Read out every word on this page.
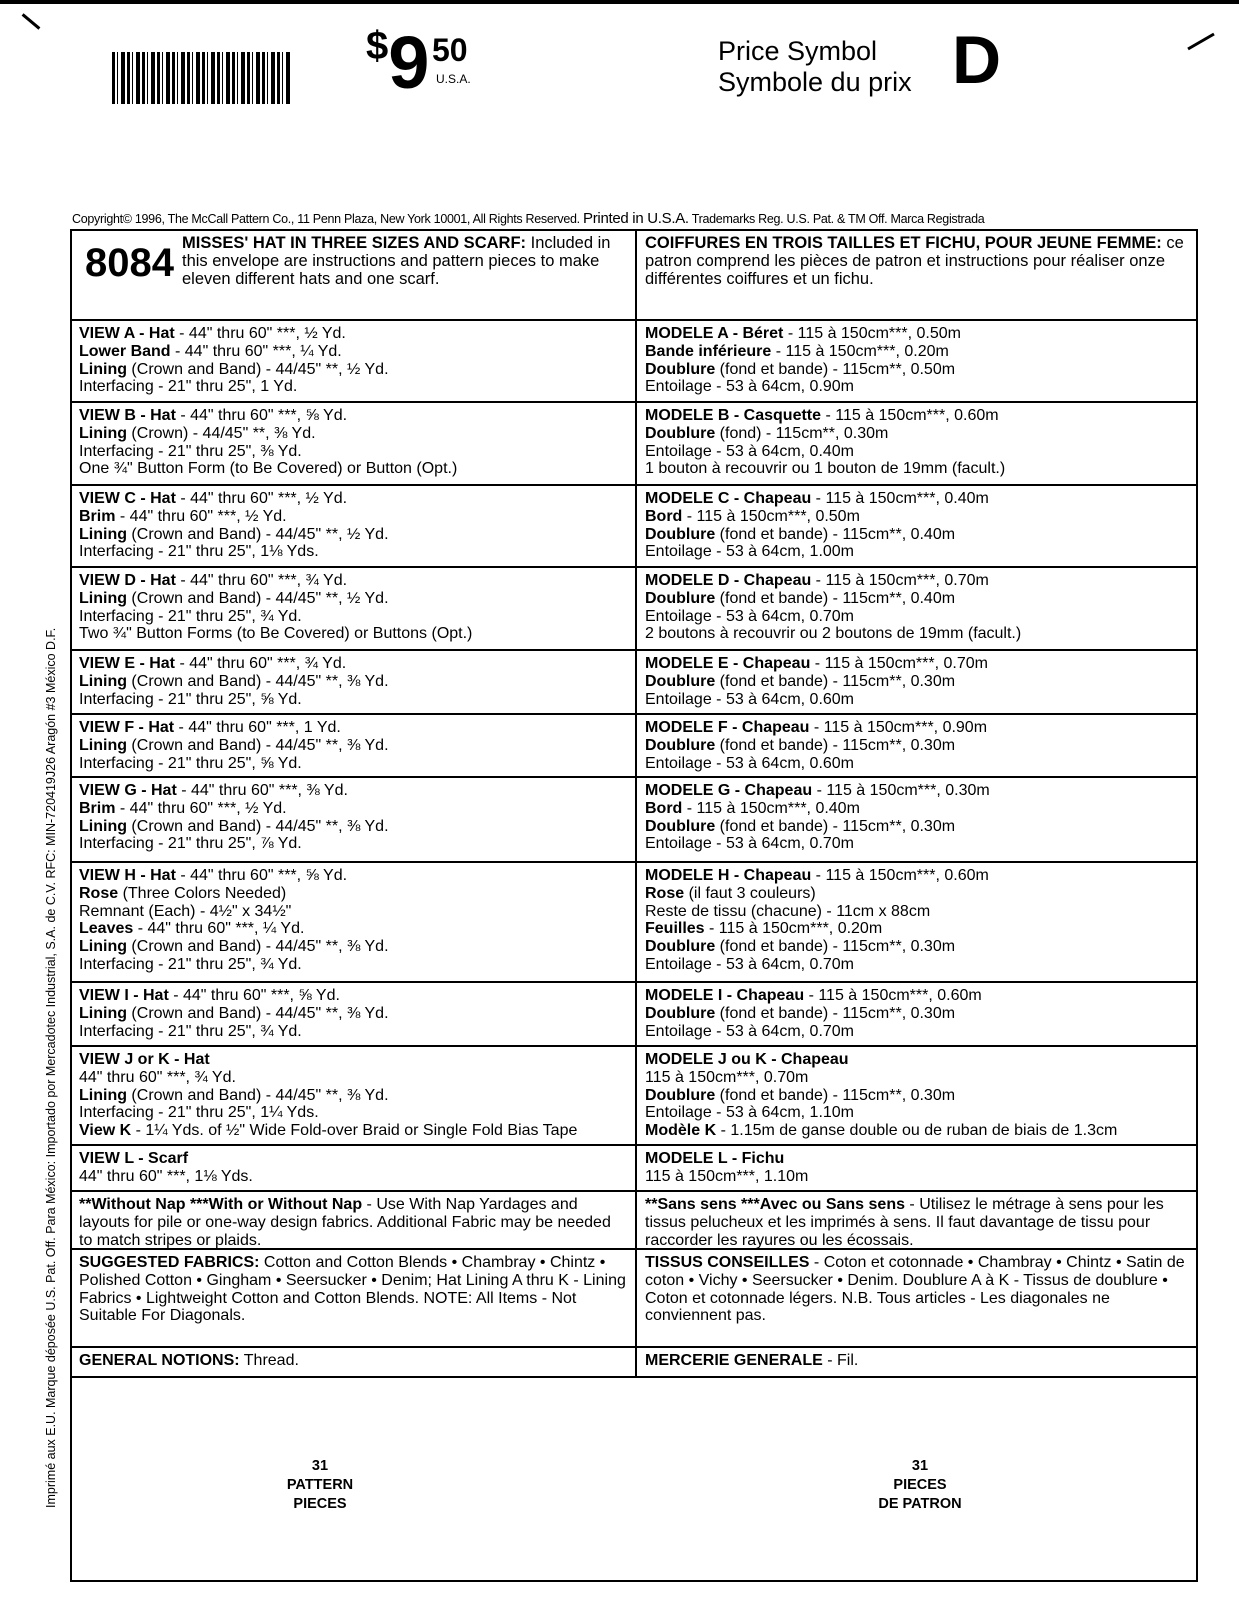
$9 50
U.S.A.
Price Symbol
Symbole du prix D
Copyright© 1996, The McCall Pattern Co., 11 Penn Plaza, New York 10001, All Rights Reserved. Printed in U.S.A. Trademarks Reg. U.S. Pat. & TM Off. Marca Registrada
Imprimé aux E.U. Marque déposée U.S. Pat. Off. Para México: Importado por Mercadotec Industrial, S.A. de C.V. RFC: MIN-720419J26 Aragón #3 México D.F.
8084 MISSES' HAT IN THREE SIZES AND SCARF: Included in this envelope are instructions and pattern pieces to make eleven different hats and one scarf.
COIFFURES EN TROIS TAILLES ET FICHU, POUR JEUNE FEMME: ce patron comprend les pièces de patron et instructions pour réaliser onze différentes coiffures et un fichu.
VIEW A - Hat - 44" thru 60" ***, ½ Yd.
Lower Band - 44" thru 60" ***, ¼ Yd.
Lining (Crown and Band) - 44/45" **, ½ Yd.
Interfacing - 21" thru 25", 1 Yd.
MODELE A - Béret - 115 à 150cm***, 0.50m
Bande inférieure - 115 à 150cm***, 0.20m
Doublure (fond et bande) - 115cm**, 0.50m
Entoilage - 53 à 64cm, 0.90m
VIEW B - Hat - 44" thru 60" ***, ⅝ Yd.
Lining (Crown) - 44/45" **, ⅜ Yd.
Interfacing - 21" thru 25", ⅜ Yd.
One ¾" Button Form (to Be Covered) or Button (Opt.)
MODELE B - Casquette - 115 à 150cm***, 0.60m
Doublure (fond) - 115cm**, 0.30m
Entoilage - 53 à 64cm, 0.40m
1 bouton à recouvrir ou 1 bouton de 19mm (facult.)
VIEW C - Hat - 44" thru 60" ***, ½ Yd.
Brim - 44" thru 60" ***, ½ Yd.
Lining (Crown and Band) - 44/45" **, ½ Yd.
Interfacing - 21" thru 25", 1⅛ Yds.
MODELE C - Chapeau - 115 à 150cm***, 0.40m
Bord - 115 à 150cm***, 0.50m
Doublure (fond et bande) - 115cm**, 0.40m
Entoilage - 53 à 64cm, 1.00m
VIEW D - Hat - 44" thru 60" ***, ¾ Yd.
Lining (Crown and Band) - 44/45" **, ½ Yd.
Interfacing - 21" thru 25", ¾ Yd.
Two ¾" Button Forms (to Be Covered) or Buttons (Opt.)
MODELE D - Chapeau - 115 à 150cm***, 0.70m
Doublure (fond et bande) - 115cm**, 0.40m
Entoilage - 53 à 64cm, 0.70m
2 boutons à recouvrir ou 2 boutons de 19mm (facult.)
VIEW E - Hat - 44" thru 60" ***, ¾ Yd.
Lining (Crown and Band) - 44/45" **, ⅜ Yd.
Interfacing - 21" thru 25", ⅝ Yd.
MODELE E - Chapeau - 115 à 150cm***, 0.70m
Doublure (fond et bande) - 115cm**, 0.30m
Entoilage - 53 à 64cm, 0.60m
VIEW F - Hat - 44" thru 60" ***, 1 Yd.
Lining (Crown and Band) - 44/45" **, ⅜ Yd.
Interfacing - 21" thru 25", ⅝ Yd.
MODELE F - Chapeau - 115 à 150cm***, 0.90m
Doublure (fond et bande) - 115cm**, 0.30m
Entoilage - 53 à 64cm, 0.60m
VIEW G - Hat - 44" thru 60" ***, ⅜ Yd.
Brim - 44" thru 60" ***, ½ Yd.
Lining (Crown and Band) - 44/45" **, ⅜ Yd.
Interfacing - 21" thru 25", ⅞ Yd.
MODELE G - Chapeau - 115 à 150cm***, 0.30m
Bord - 115 à 150cm***, 0.40m
Doublure (fond et bande) - 115cm**, 0.30m
Entoilage - 53 à 64cm, 0.70m
VIEW H - Hat - 44" thru 60" ***, ⅝ Yd.
Rose (Three Colors Needed)
Remnant (Each) - 4½" x 34½"
Leaves - 44" thru 60" ***, ¼ Yd.
Lining (Crown and Band) - 44/45" **, ⅜ Yd.
Interfacing - 21" thru 25", ¾ Yd.
MODELE H - Chapeau - 115 à 150cm***, 0.60m
Rose (il faut 3 couleurs)
Reste de tissu (chacune) - 11cm x 88cm
Feuilles - 115 à 150cm***, 0.20m
Doublure (fond et bande) - 115cm**, 0.30m
Entoilage - 53 à 64cm, 0.70m
VIEW I - Hat - 44" thru 60" ***, ⅝ Yd.
Lining (Crown and Band) - 44/45" **, ⅜ Yd.
Interfacing - 21" thru 25", ¾ Yd.
MODELE I - Chapeau - 115 à 150cm***, 0.60m
Doublure (fond et bande) - 115cm**, 0.30m
Entoilage - 53 à 64cm, 0.70m
VIEW J or K - Hat
44" thru 60" ***, ¾ Yd.
Lining (Crown and Band) - 44/45" **, ⅜ Yd.
Interfacing - 21" thru 25", 1¼ Yds.
View K - 1¼ Yds. of ½" Wide Fold-over Braid or Single Fold Bias Tape
MODELE J ou K - Chapeau
115 à 150cm***, 0.70m
Doublure (fond et bande) - 115cm**, 0.30m
Entoilage - 53 à 64cm, 1.10m
Modèle K - 1.15m de ganse double ou de ruban de biais de 1.3cm
VIEW L - Scarf
44" thru 60" ***, 1⅛ Yds.
MODELE L - Fichu
115 à 150cm***, 1.10m
**Without Nap ***With or Without Nap - Use With Nap Yardages and layouts for pile or one-way design fabrics. Additional Fabric may be needed to match stripes or plaids.
**Sans sens ***Avec ou Sans sens - Utilisez le métrage à sens pour les tissus pelucheux et les imprimés à sens. Il faut davantage de tissu pour raccorder les rayures ou les écossais.
SUGGESTED FABRICS: Cotton and Cotton Blends • Chambray • Chintz • Polished Cotton • Gingham • Seersucker • Denim; Hat Lining A thru K - Lining Fabrics • Lightweight Cotton and Cotton Blends. NOTE: All Items - Not Suitable For Diagonals.
TISSUS CONSEILLES - Coton et cotonnade • Chambray • Chintz • Satin de coton • Vichy • Seersucker • Denim. Doublure A à K - Tissus de doublure • Coton et cotonnade légers. N.B. Tous articles - Les diagonales ne conviennent pas.
GENERAL NOTIONS: Thread.	MERCERIE GENERALE - Fil.
31
PATTERN
PIECES
31
PIECES
DE PATRON
